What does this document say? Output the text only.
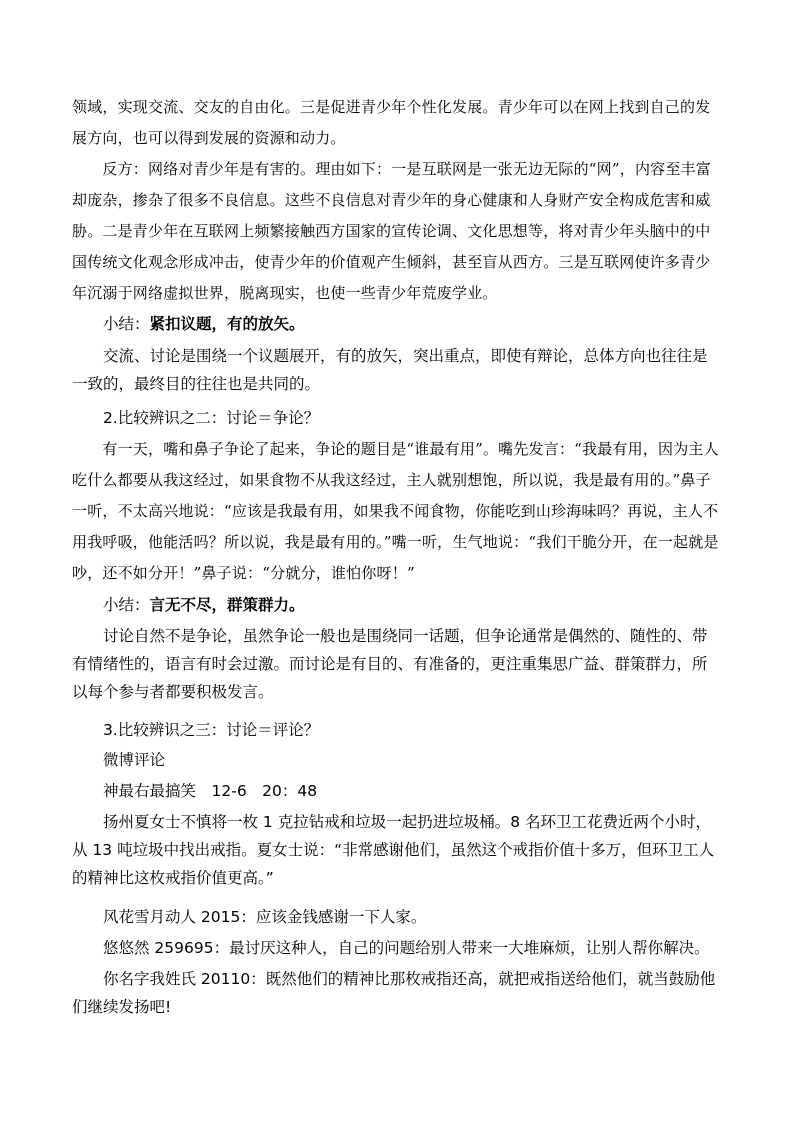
领域，实现交流、交友的自由化。三是促进青少年个性化发展。青少年可以在网上找到自己的发展方向，也可以得到发展的资源和动力。

　　反方：网络对青少年是有害的。理由如下：一是互联网是一张无边无际的“网”，内容至丰富却庞杂，掺杂了很多不良信息。这些不良信息对青少年的身心健康和人身财产安全构成危害和威胁。二是青少年在互联网上频繁接触西方国家的宣传论调、文化思想等，将对青少年头脑中的中国传统文化观念形成冲击，使青少年的价值观产生倾斜，甚至盲从西方。三是互联网使许多青少年沉溺于网络虚拟世界，脱离现实，也使一些青少年荒废学业。

　　小结：紧扣议题，有的放矢。

　　交流、讨论是围绕一个议题展开，有的放矢，突出重点，即使有辩论，总体方向也往往是一致的，最终目的往往也是共同的。

　　2.比较辨识之二：讨论＝争论？

　　有一天，嘴和鼻子争论了起来，争论的题目是“谁最有用”。嘴先发言：“我最有用，因为主人吃什么都要从我这经过，如果食物不从我这经过，主人就别想饱，所以说，我是最有用的。”鼻子一听，不太高兴地说：“应该是我最有用，如果我不闻食物，你能吃到山珍海味吗？再说，主人不用我呼吸，他能活吗？所以说，我是最有用的。”嘴一听，生气地说：“我们干脆分开，在一起就是吵，还不如分开！”鼻子说：“分就分，谁怕你呀！”

　　小结：言无不尽，群策群力。

　　讨论自然不是争论，虽然争论一般也是围绕同一话题，但争论通常是偶然的、随性的、带有情绪性的，语言有时会过激。而讨论是有目的、有准备的，更注重集思广益、群策群力，所以每个参与者都要积极发言。

　　3.比较辨识之三：讨论＝评论？

　　微博评论

　　神最右最搞笑　12-6　20：48

　　扬州夏女士不慎将一枚 1 克拉钻戒和垃圾一起扔进垃圾桶。8 名环卫工花费近两个小时，从 13 吨垃圾中找出戒指。夏女士说：“非常感谢他们，虽然这个戒指价值十多万，但环卫工人的精神比这枚戒指价值更高。”

　　风花雪月动人 2015：应该金钱感谢一下人家。

　　悠悠然 259695：最讨厌这种人，自己的问题给别人带来一大堆麻烦，让别人帮你解决。

　　你名字我姓氏 20110：既然他们的精神比那枚戒指还高，就把戒指送给他们，就当鼓励他们继续发扬吧!
